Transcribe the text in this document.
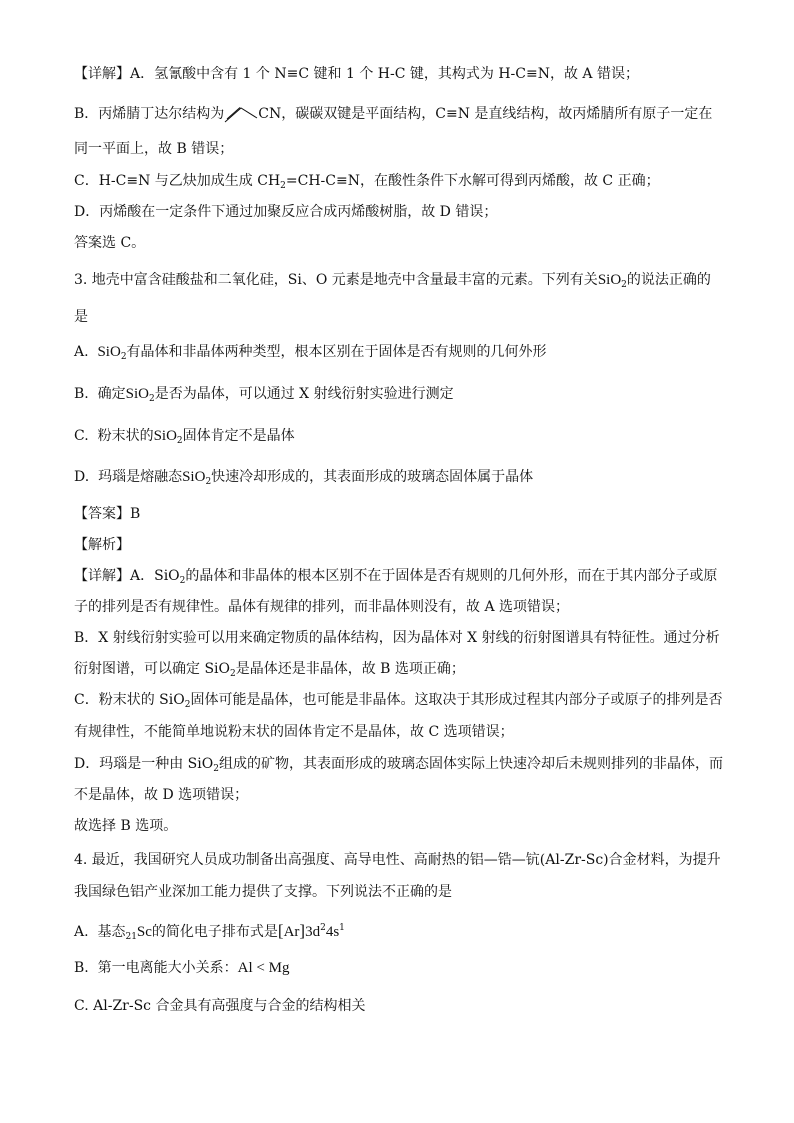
【详解】A．氢氰酸中含有 1 个 N≡C 键和 1 个 H-C 键，其构式为 H-C≡N，故 A 错误；
B．丙烯腈丁达尔结构为 CN，碳碳双键是平面结构，C≡N 是直线结构，故丙烯腈所有原子一定在
同一平面上，故 B 错误；
C．H-C≡N 与乙炔加成生成 $CH_2=CH-C\equiv N$，在酸性条件下水解可得到丙烯酸，故 C 正确；
D．丙烯酸在一定条件下通过加聚反应合成丙烯酸树脂，故 D 错误；
答案选 C。
3. 地壳中富含硅酸盐和二氧化硅，Si、O 元素是地壳中含量最丰富的元素。下列有关SiO$_2$的说法正确的
是
A. SiO$_2$有晶体和非晶体两种类型，根本区别在于固体是否有规则的几何外形
B. 确定SiO$_2$是否为晶体，可以通过 X 射线衍射实验进行测定
C. 粉末状的SiO$_2$固体肯定不是晶体
D. 玛瑙是熔融态SiO$_2$快速冷却形成的，其表面形成的玻璃态固体属于晶体
【答案】B
【解析】
【详解】A．SiO$_2$的晶体和非晶体的根本区别不在于固体是否有规则的几何外形，而在于其内部分子或原
子的排列是否有规律性。晶体有规律的排列，而非晶体则没有，故 A 选项错误；
B．X 射线衍射实验可以用来确定物质的晶体结构，因为晶体对 X 射线的衍射图谱具有特征性。通过分析
衍射图谱，可以确定 SiO$_2$是晶体还是非晶体，故 B 选项正确；
C．粉末状的 SiO$_2$固体可能是晶体，也可能是非晶体。这取决于其形成过程其内部分子或原子的排列是否
有规律性，不能简单地说粉末状的固体肯定不是晶体，故 C 选项错误；
D．玛瑙是一种由 SiO$_2$组成的矿物，其表面形成的玻璃态固体实际上快速冷却后未规则排列的非晶体，而
不是晶体，故 D 选项错误；
故选择 B 选项。
4. 最近，我国研究人员成功制备出高强度、高导电性、高耐热的铝—锆—钪(Al-Zr-Sc)合金材料，为提升
我国绿色铝产业深加工能力提供了支撑。下列说法不正确的是
A. 基态$_{21}$Sc的简化电子排布式是$[Ar]3d^24s^1$
B. 第一电离能大小关系：Al < Mg
C. Al-Zr-Sc 合金具有高强度与合金的结构相关
